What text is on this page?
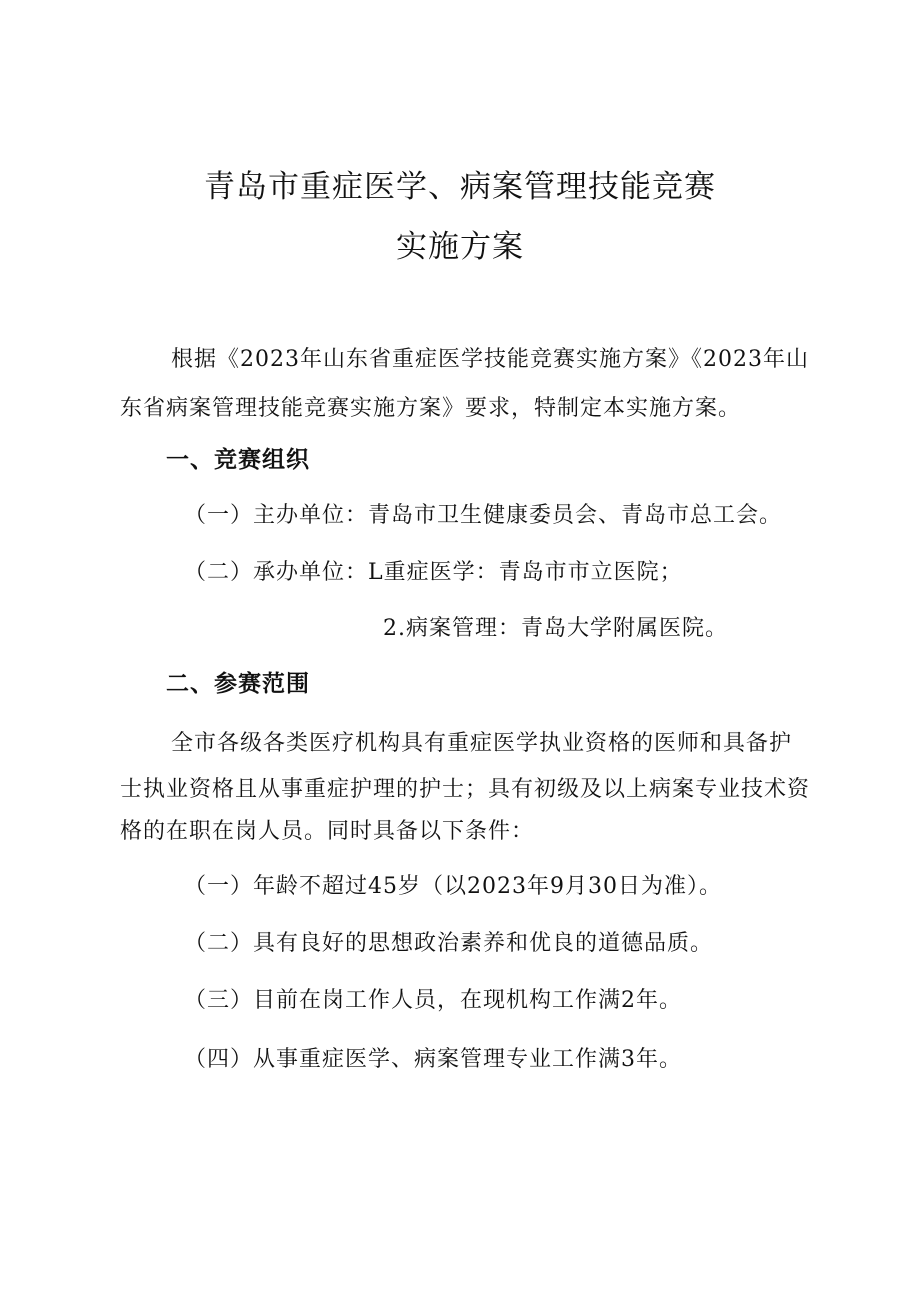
青岛市重症医学、病案管理技能竞赛
实施方案

根据《2023年山东省重症医学技能竞赛实施方案》《2023年山

东省病案管理技能竞赛实施方案》要求，特制定本实施方案。

一、竞赛组织

（一）主办单位：青岛市卫生健康委员会、青岛市总工会。

（二）承办单位：L重症医学：青岛市市立医院；

2.病案管理：青岛大学附属医院。

二、参赛范围

全市各级各类医疗机构具有重症医学执业资格的医师和具备护

士执业资格且从事重症护理的护士；具有初级及以上病案专业技术资

格的在职在岗人员。同时具备以下条件：

（一）年龄不超过45岁（以2023年9月30日为准）。

（二）具有良好的思想政治素养和优良的道德品质。

（三）目前在岗工作人员，在现机构工作满2年。

（四）从事重症医学、病案管理专业工作满3年。
